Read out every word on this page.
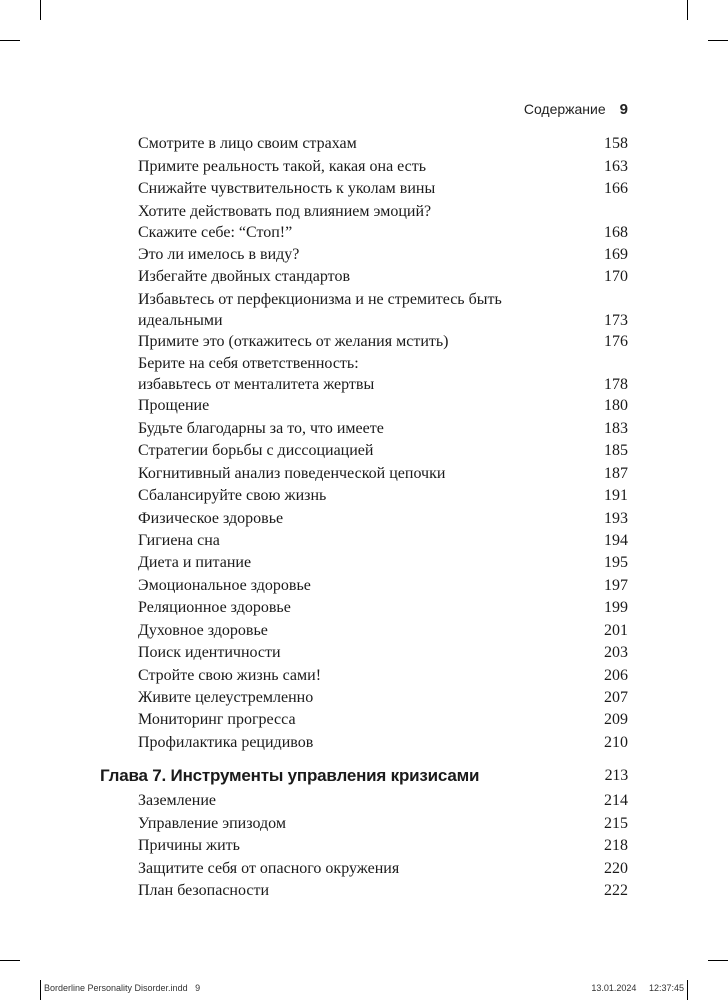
Содержание 9
Смотрите в лицо своим страхам	158
Примите реальность такой, какая она есть	163
Снижайте чувствительность к уколам вины	166
Хотите действовать под влиянием эмоций?
Скажите себе: “Стоп!”	168
Это ли имелось в виду?	169
Избегайте двойных стандартов	170
Избавьтесь от перфекционизма и не стремитесь быть
идеальными	173
Примите это (откажитесь от желания мстить)	176
Берите на себя ответственность:
избавьтесь от менталитета жертвы	178
Прощение	180
Будьте благодарны за то, что имеете	183
Стратегии борьбы с диссоциацией	185
Когнитивный анализ поведенческой цепочки	187
Сбалансируйте свою жизнь	191
Физическое здоровье	193
Гигиена сна	194
Диета и питание	195
Эмоциональное здоровье	197
Реляционное здоровье	199
Духовное здоровье	201
Поиск идентичности	203
Стройте свою жизнь сами!	206
Живите целеустремленно	207
Мониторинг прогресса	209
Профилактика рецидивов	210
Глава 7. Инструменты управления кризисами	213
Заземление	214
Управление эпизодом	215
Причины жить	218
Защитите себя от опасного окружения	220
План безопасности	222
Borderline Personality Disorder.indd 9	13.01.2024 12:37:45
